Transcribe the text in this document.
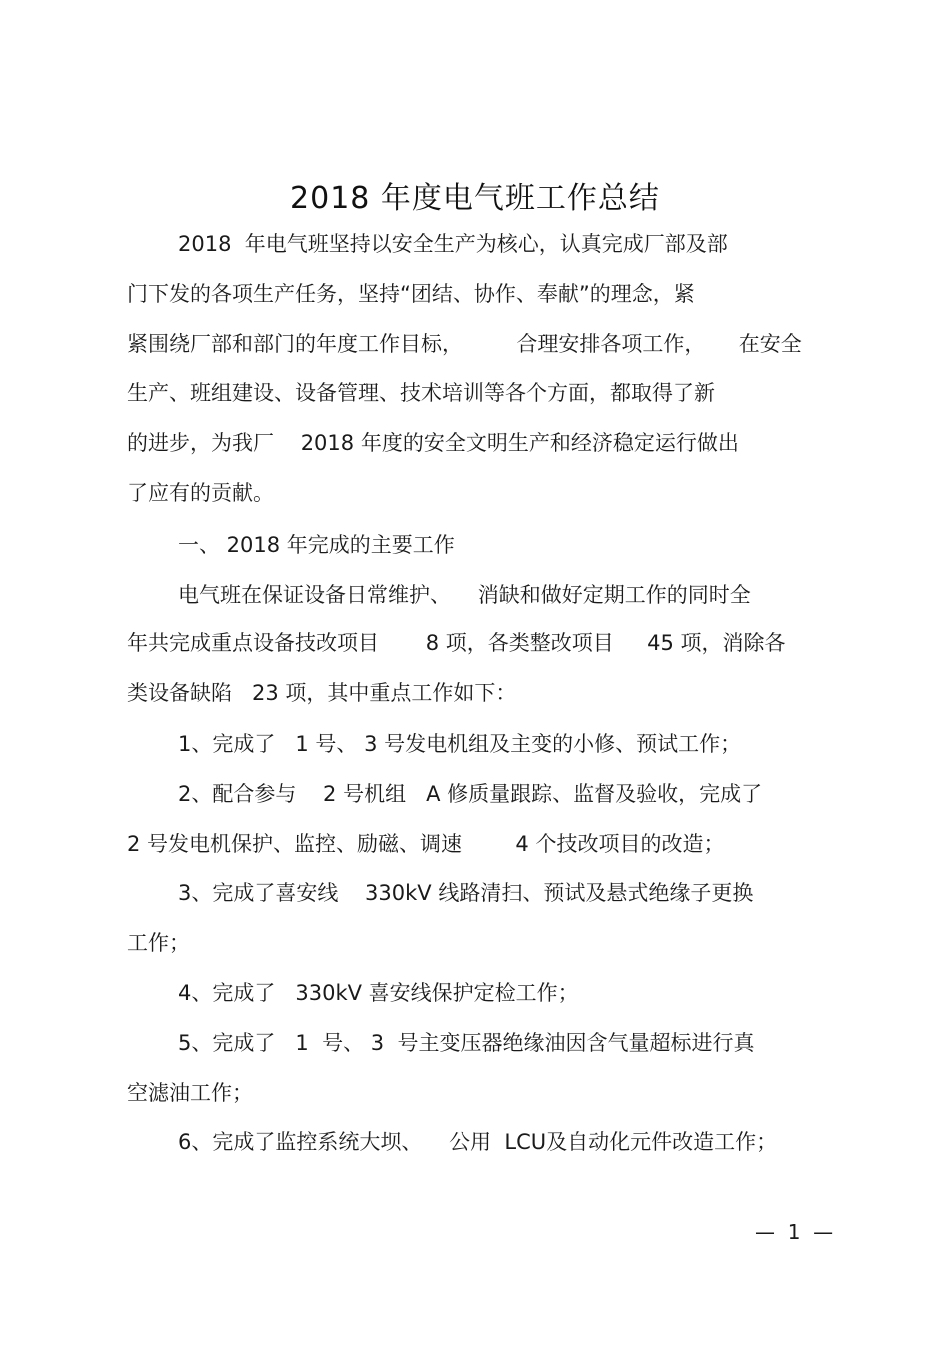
2018 年度电气班工作总结
2018  年电气班坚持以安全生产为核心，认真完成厂部及部
门下发的各项生产任务，坚持“团结、协作、奉献”的理念，紧
紧围绕厂部和部门的年度工作目标，        合理安排各项工作，     在安全
生产、班组建设、设备管理、技术培训等各个方面，都取得了新
的进步，为我厂    2018 年度的安全文明生产和经济稳定运行做出
了应有的贡献。
一、 2018 年完成的主要工作
电气班在保证设备日常维护、    消缺和做好定期工作的同时全
年共完成重点设备技改项目       8 项，各类整改项目     45 项，消除各
类设备缺陷   23 项，其中重点工作如下：
1、完成了   1 号、 3 号发电机组及主变的小修、预试工作；
2、配合参与    2 号机组   A 修质量跟踪、监督及验收，完成了
2 号发电机保护、监控、励磁、调速        4 个技改项目的改造；
3、完成了喜安线    330kV 线路清扫、预试及悬式绝缘子更换
工作；
4、完成了   330kV 喜安线保护定检工作；
5、完成了   1  号、 3  号主变压器绝缘油因含气量超标进行真
空滤油工作；
6、完成了监控系统大坝、    公用  LCU及自动化元件改造工作；
—  1  —
